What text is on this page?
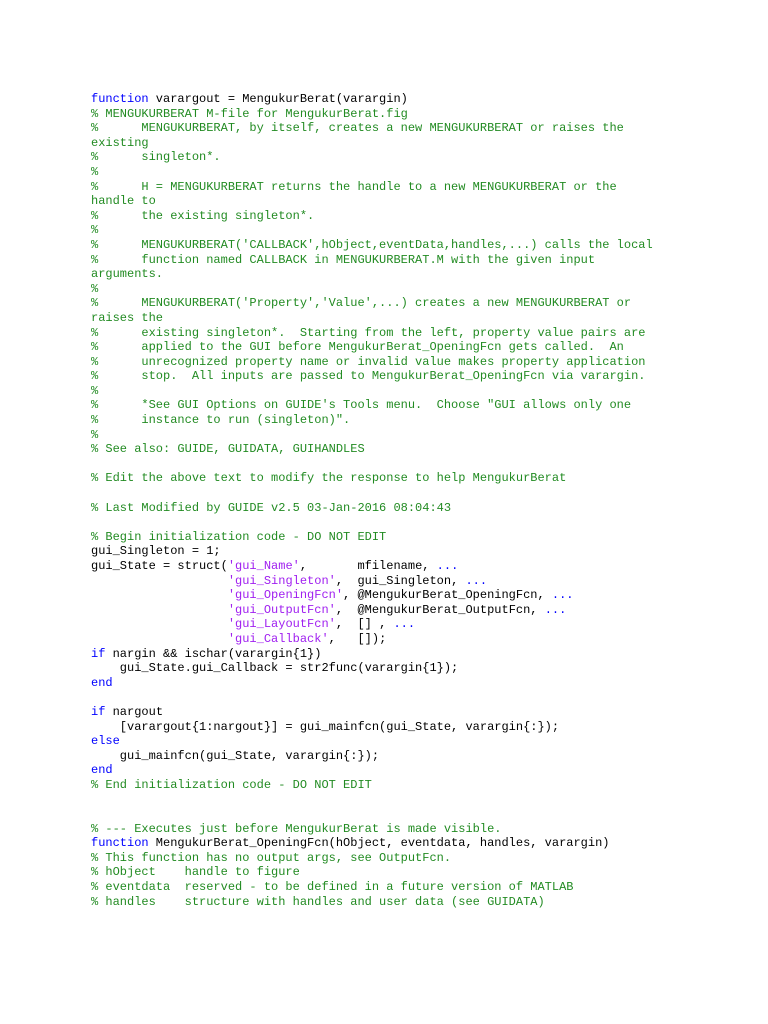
function varargout = MengukurBerat(varargin)
% MENGUKURBERAT M-file for MengukurBerat.fig
%      MENGUKURBERAT, by itself, creates a new MENGUKURBERAT or raises the
existing
%      singleton*.
%
%      H = MENGUKURBERAT returns the handle to a new MENGUKURBERAT or the
handle to
%      the existing singleton*.
%
%      MENGUKURBERAT('CALLBACK',hObject,eventData,handles,...) calls the local
%      function named CALLBACK in MENGUKURBERAT.M with the given input
arguments.
%
%      MENGUKURBERAT('Property','Value',...) creates a new MENGUKURBERAT or
raises the
%      existing singleton*.  Starting from the left, property value pairs are
%      applied to the GUI before MengukurBerat_OpeningFcn gets called.  An
%      unrecognized property name or invalid value makes property application
%      stop.  All inputs are passed to MengukurBerat_OpeningFcn via varargin.
%
%      *See GUI Options on GUIDE's Tools menu.  Choose "GUI allows only one
%      instance to run (singleton)".
%
% See also: GUIDE, GUIDATA, GUIHANDLES
% Edit the above text to modify the response to help MengukurBerat
% Last Modified by GUIDE v2.5 03-Jan-2016 08:04:43
% Begin initialization code - DO NOT EDIT
gui_Singleton = 1;
gui_State = struct('gui_Name',       mfilename, ...
'gui_Singleton',  gui_Singleton, ...
'gui_OpeningFcn', @MengukurBerat_OpeningFcn, ...
'gui_OutputFcn',  @MengukurBerat_OutputFcn, ...
'gui_LayoutFcn',  [] , ...
'gui_Callback',   []);
if nargin && ischar(varargin{1})
gui_State.gui_Callback = str2func(varargin{1});
end
if nargout
[varargout{1:nargout}] = gui_mainfcn(gui_State, varargin{:});
else
gui_mainfcn(gui_State, varargin{:});
end
% End initialization code - DO NOT EDIT
% --- Executes just before MengukurBerat is made visible.
function MengukurBerat_OpeningFcn(hObject, eventdata, handles, varargin)
% This function has no output args, see OutputFcn.
% hObject    handle to figure
% eventdata  reserved - to be defined in a future version of MATLAB
% handles    structure with handles and user data (see GUIDATA)
